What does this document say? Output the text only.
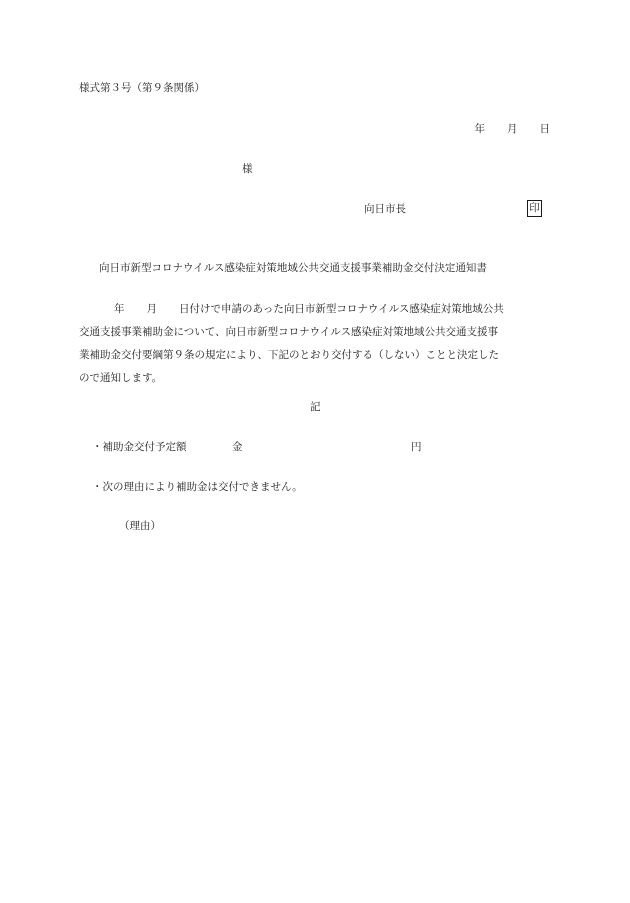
様式第３号（第９条関係）
年 月 日
様
向日市長	印
向日市新型コロナウイルス感染症対策地域公共交通支援事業補助金交付決定通知書
年 月 日付けで申請のあった向日市新型コロナウイルス感染症対策地域公共
交通支援事業補助金について、向日市新型コロナウイルス感染症対策地域公共交通支援事
業補助金交付要綱第９条の規定により、下記のとおり交付する（しない）ことと決定した
ので通知します。
記
・補助金交付予定額	金	円
・次の理由により補助金は交付できません。
（理由）
